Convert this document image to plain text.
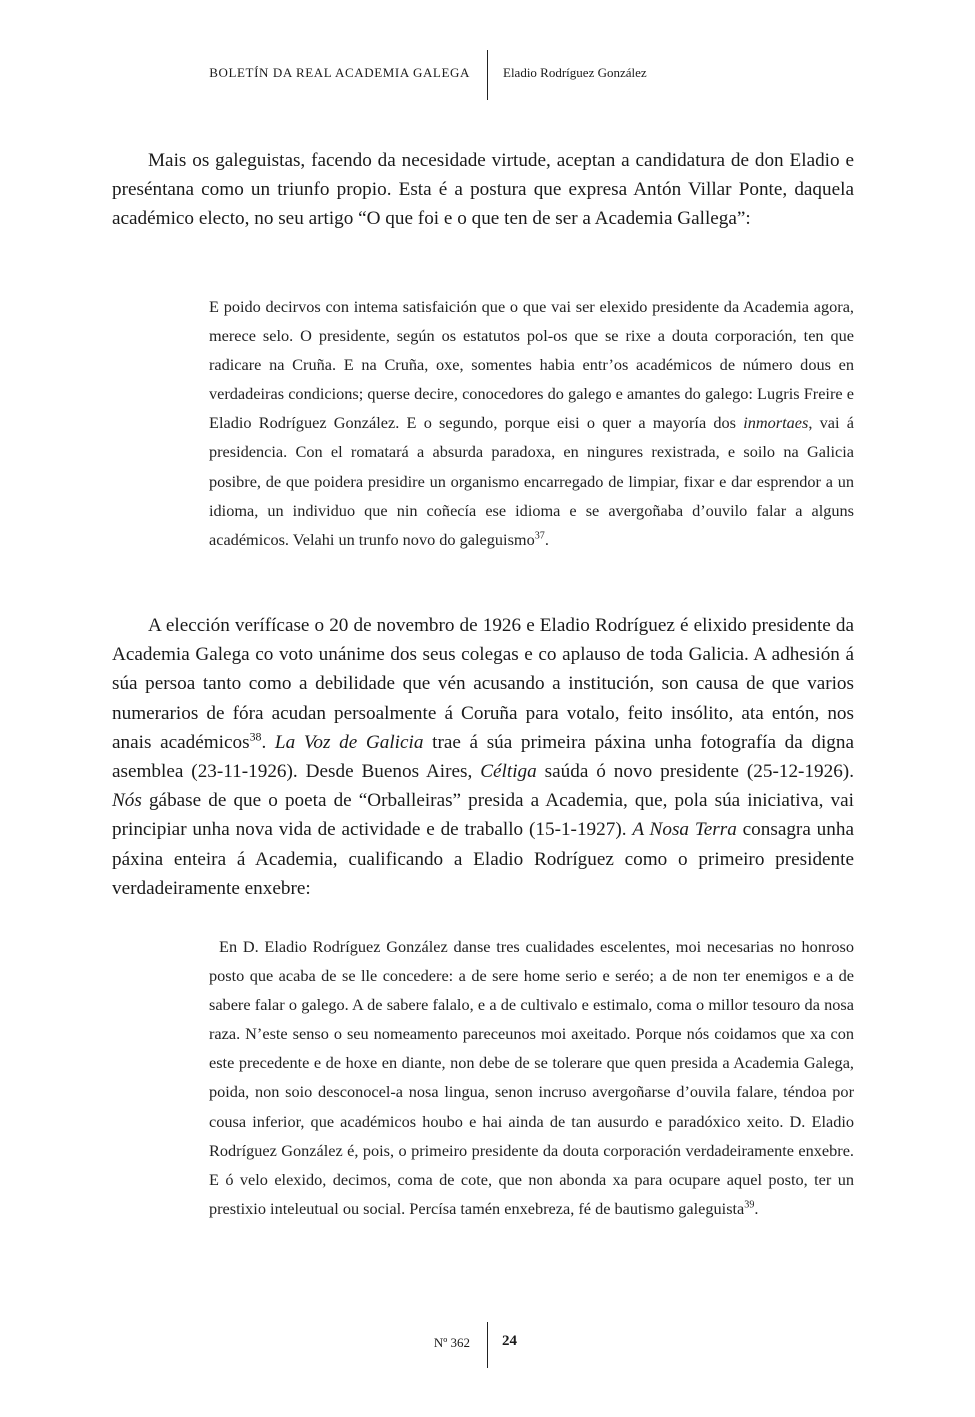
BOLETÍN DA REAL ACADEMIA GALEGA	Eladio Rodríguez González

Mais os galeguistas, facendo da necesidade virtude, aceptan a candidatura de don Eladio e preséntana como un triunfo propio. Esta é a postura que expresa Antón Villar Ponte, daquela académico electo, no seu artigo “O que foi e o que ten de ser a Academia Gallega”:

E poido decirvos con intema satisfaición que o que vai ser elexido presidente da Academia agora, merece selo. O presidente, según os estatutos pol-os que se rixe a douta corporación, ten que radicare na Cruña. E na Cruña, oxe, somentes habia entr’os académicos de número dous en verdadeiras condicions; querse decire, conocedores do galego e amantes do galego: Lugris Freire e Eladio Rodríguez González. E o segundo, porque eisi o quer a mayoría dos inmortaes, vai á presidencia. Con el romatará a absurda paradoxa, en ningures rexistrada, e soilo na Galicia posibre, de que poidera presidire un organismo encarregado de limpiar, fixar e dar esprendor a un idioma, un individuo que nin coñecía ese idioma e se avergoñaba d’ouvilo falar a alguns académicos. Velahi un trunfo novo do galeguismo$^{37}$.

A elección verífícase o 20 de novembro de 1926 e Eladio Rodríguez é elixido presidente da Academia Galega co voto unánime dos seus colegas e co aplauso de toda Galicia. A adhesión á súa persoa tanto como a debilidade que vén acusando a institución, son causa de que varios numerarios de fóra acudan persoalmente á Coruña para votalo, feito insólito, ata entón, nos anais académicos$^{38}$. La Voz de Galicia trae á súa primeira páxina unha fotografía da digna asemblea (23-11-1926). Desde Buenos Aires, Céltiga saúda ó novo presidente (25-12-1926). Nós gábase de que o poeta de “Orballeiras” presida a Academia, que, pola súa iniciativa, vai principiar unha nova vida de actividade e de traballo (15-1-1927). A Nosa Terra consagra unha páxina enteira á Academia, cualificando a Eladio Rodríguez como o primeiro presidente verdadeiramente enxebre:

En D. Eladio Rodríguez González danse tres cualidades escelentes, moi necesarias no honroso posto que acaba de se lle concedere: a de sere home serio e seréo; a de non ter enemigos e a de sabere falar o galego. A de sabere falalo, e a de cultivalo e estimalo, coma o millor tesouro da nosa raza. N’este senso o seu nomeamento pareceunos moi axeitado. Porque nós coidamos que xa con este precedente e de hoxe en diante, non debe de se tolerare que quen presida a Academia Galega, poida, non soio desconocel-a nosa lingua, senon incruso avergoñarse d’ouvila falare, téndoa por cousa inferior, que académicos houbo e hai ainda de tan ausurdo e paradóxico xeito. D. Eladio Rodríguez González é, pois, o primeiro presidente da douta corporación verdadeiramente enxebre. E ó velo elexido, decimos, coma de cote, que non abonda xa para ocupare aquel posto, ter un prestixio inteleutual ou social. Percísa tamén enxebreza, fé de bautismo galeguista$^{39}$.

Nº 362 24
